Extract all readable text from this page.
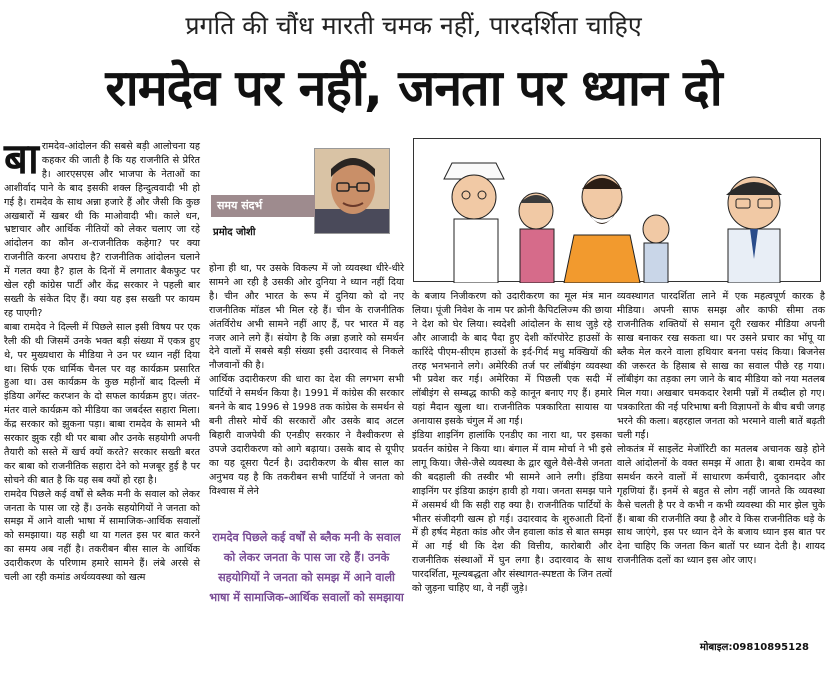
प्रगति की चौंध मारती चमक नहीं, पारदर्शिता चाहिए
रामदेव पर नहीं, जनता पर ध्यान दो

बा रामदेव-आंदोलन की सबसे बड़ी आलोचना यह कहकर की जाती है कि यह राजनीति से प्रेरित है। आरएसएस और भाजपा के नेताओं का आशीर्वाद पाने के बाद इसकी शक्ल हिन्दुत्ववादी भी हो गई है। रामदेव के साथ अन्ना हजारे हैं और जैसी कि कुछ अखबारों में खबर थी कि माओवादी भी। काले धन, भ्रष्टाचार और आर्थिक नीतियों को लेकर चलाए जा रहे आंदोलन का कौन अ-राजनीतिक कहेगा? पर क्या राजनीति करना अपराध है? राजनीतिक आंदोलन चलाने में गलत क्या है? हाल के दिनों में लगातार बैकफुट पर खेल रही कांग्रेस पार्टी और केंद्र सरकार ने पहली बार सख्ती के संकेत दिए हैं। क्या यह इस सख्ती पर कायम रह पाएगी?

बाबा रामदेव ने दिल्ली में पिछले साल इसी विषय पर एक रैली की थी जिसमें उनके भक्त बड़ी संख्या में एकत्र हुए थे, पर मुख्यधारा के मीडिया ने उन पर ध्यान नहीं दिया था। सिर्फ एक धार्मिक चैनल पर वह कार्यक्रम प्रसारित हुआ था। उस कार्यक्रम के कुछ महीनों बाद दिल्ली में इंडिया अगेंस्ट करप्शन के दो सफल कार्यक्रम हुए। जंतर-मंतर वाले कार्यक्रम को मीडिया का जबर्दस्त सहारा मिला। केंद्र सरकार को झुकना पड़ा। बाबा रामदेव के सामने भी सरकार झुक रही थी पर बाबा और उनके सहयोगी अपनी तैयारी को सस्ते में खर्च क्यों करते? सरकार सख्ती बरत कर बाबा को राजनीतिक सहारा देने को मजबूर हुई है पर सोचने की बात है कि यह सब क्यों हो रहा है।

रामदेव पिछले कई वर्षों से ब्लैक मनी के सवाल को लेकर जनता के पास जा रहे हैं। उनके सहयोगियों ने जनता को समझ में आने वाली भाषा में सामाजिक-आर्थिक सवालों को समझाया। यह सही था या गलत इस पर बात करने का समय अब नहीं है। तकरीबन बीस साल के आर्थिक उदारीकरण के परिणाम हमारे सामने हैं। लंबे अरसे से चली आ रही कमांड अर्थव्यवस्था को खत्म

समय संदर्भ
प्रमोद जोशी

होना ही था, पर उसके विकल्प में जो व्यवस्था धीरे-धीरे सामने आ रही है उसकी ओर दुनिया ने ध्यान नहीं दिया है। चीन और भारत के रूप में दुनिया को दो नए राजनीतिक मॉडल भी मिल रहे हैं। चीन के राजनीतिक अंतर्विरोध अभी सामने नहीं आए हैं, पर भारत में वह नजर आने लगे हैं। संयोग है कि अन्ना हजारे को समर्थन देने वालों में सबसे बड़ी संख्या इसी उदारवाद से निकले नौजवानों की है।

आर्थिक उदारीकरण की धारा का देश की लगभग सभी पार्टियों ने समर्थन किया है। 1991 में कांग्रेस की सरकार बनने के बाद 1996 से 1998 तक कांग्रेस के समर्थन से बनी तीसरे मोर्चे की सरकारों और उसके बाद अटल बिहारी वाजपेयी की एनडीए सरकार ने वैश्वीकरण से उपजे उदारीकरण को आगे बढ़ाया। उसके बाद से यूपीए का यह दूसरा पैटर्न है। उदारीकरण के बीस साल का अनुभव यह है कि तकरीबन सभी पार्टियों ने जनता को विश्वास में लेने

रामदेव पिछले कई वर्षों से ब्लैक मनी के सवाल को लेकर जनता के पास जा रहे हैं। उनके सहयोगियों ने जनता को समझ में आने वाली भाषा में सामाजिक-आर्थिक सवालों को समझाया

के बजाय निजीकरण को उदारीकरण का मूल मंत्र मान लिया। पूंजी निवेश के नाम पर क्रोनी कैपिटलिज्म की छाया ने देश को घेर लिया। स्वदेशी आंदोलन के साथ जुड़े रहे और आजादी के बाद पैदा हुए देशी कॉरपोरेट हाउसों के कारिंदे पीएम-सीएम हाउसों के इर्द-गिर्द मधु मक्खियों की तरह भनभनाने लगे। अमेरिकी तर्ज पर लॉबीइंग व्यवस्था भी प्रवेश कर गई। अमेरिका में पिछली एक सदी में लॉबीइंग से सम्बद्ध काफी कड़े कानून बनाए गए हैं। हमारे यहां मैदान खुला था। राजनीतिक पत्रकारिता सायास या अनायास इसके चंगुल में आ गई।

इंडिया शाइनिंग हालांकि एनडीए का नारा था, पर इसका प्रवर्तन कांग्रेस ने किया था। बंगाल में वाम मोर्चा ने भी इसे लागू किया। जैसे-जैसे व्यवस्था के द्वार खुले वैसे-वैसे जनता की बदहाली की तस्वीर भी सामने आने लगी। इंडिया शाइनिंग पर इंडिया क्राइंग हावी हो गया। जनता समझ पाने में असमर्थ थी कि सही राह क्या है। राजनीतिक पार्टियों के भीतर संजीदगी खत्म हो गई। उदारवाद के शुरुआती दिनों में ही हर्षद मेहता कांड और जैन हवाला कांड से बात समझ में आ गई थी कि देश की वित्तीय, कारोबारी और राजनीतिक संस्थाओं में घुन लगा है। उदारवाद के साथ पारदर्शिता, मूल्यबद्धता और संस्थागत-स्पष्टता के जिन तत्वों को जुड़ना चाहिए था, वे नहीं जुड़े।

व्यवस्थागत पारदर्शिता लाने में एक महत्वपूर्ण कारक है मीडिया। अपनी साफ समझ और काफी सीमा तक राजनीतिक शक्तियों से समान दूरी रखकर मीडिया अपनी साख बनाकर रख सकता था। पर उसने प्रचार का भोंपू या ब्लैक मेल करने वाला हथियार बनना पसंद किया। बिजनेस की जरूरत के हिसाब से साख का सवाल पीछे रह गया। लॉबीइंग का तड़का लग जाने के बाद मीडिया को नया मतलब मिल गया। अखबार चमकदार रेशमी पन्नों में तब्दील हो गए। पत्रकारिता की नई परिभाषा बनी विज्ञापनों के बीच बची जगह भरने की कला। बहरहाल जनता को भरमाने वाली बातें बढ़ती चली गईं।

लोकतंत्र में साइलेंट मेजॉरिटी का मतलब अचानक खड़े होने वाले आंदोलनों के वक्त समझ में आता है। बाबा रामदेव का समर्थन करने वालों में साधारण कर्मचारी, दुकानदार और गृहणियां हैं। इनमें से बहुत से लोग नहीं जानते कि व्यवस्था कैसे चलती है पर वे कभी न कभी व्यवस्था की मार झेल चुके हैं। बाबा की राजनीति क्या है और वे किस राजनीतिक धड़े के साथ जाएंगे, इस पर ध्यान देने के बजाय ध्यान इस बात पर देना चाहिए कि जनता किन बातों पर ध्यान देती है। शायद राजनीतिक दलों का ध्यान इस ओर जाए।

मोबाइल:09810895128
